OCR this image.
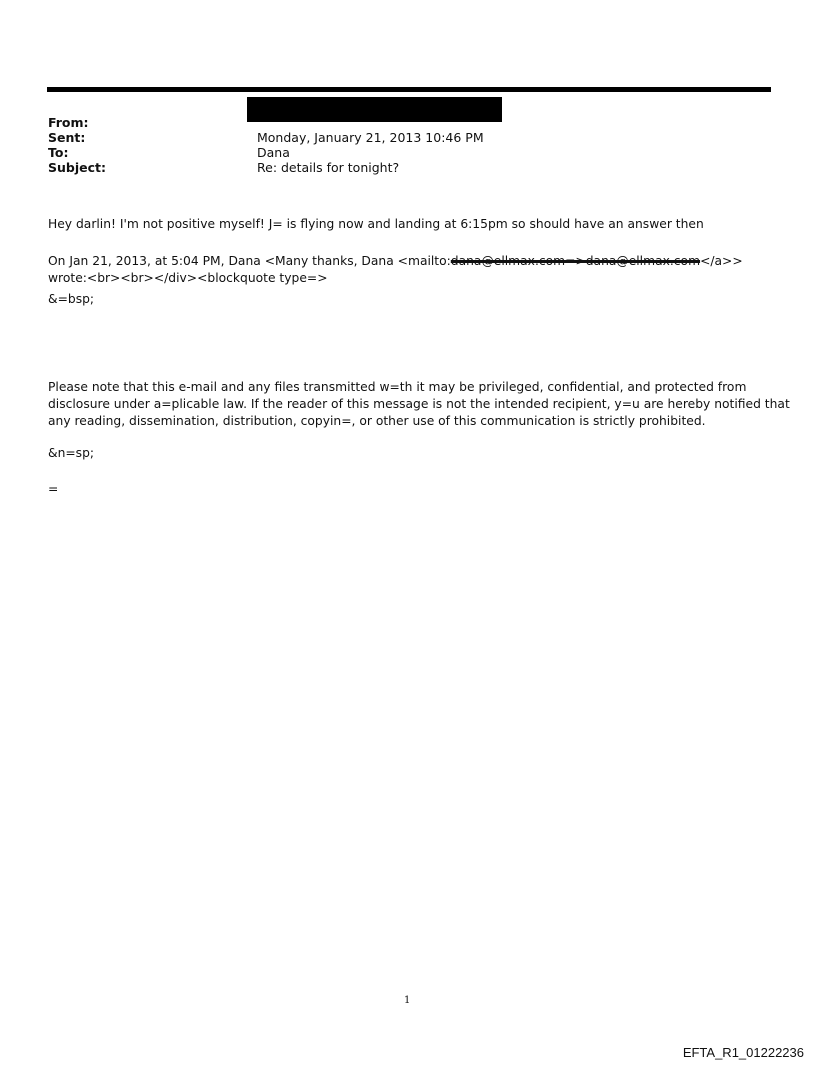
From:
Sent:	Monday, January 21, 2013 10:46 PM
To:	Dana
Subject:	Re: details for tonight?
Hey darlin! I'm not positive myself! J= is flying now and landing at 6:15pm so should have an answer then
On Jan 21, 2013, at 5:04 PM, Dana <Many thanks, Dana <mailto:dana@ellmax.com=>dana@ellmax.com</a>>
wrote:<br><br></div><blockquote type=>
&=bsp;
Please note that this e-mail and any files transmitted w=th it may be privileged, confidential, and protected from
disclosure under a=plicable law. If the reader of this message is not the intended recipient, y=u are hereby notified that
any reading, dissemination, distribution, copyin=, or other use of this communication is strictly prohibited.
&n=sp;
=
1
EFTA_R1_01222236
